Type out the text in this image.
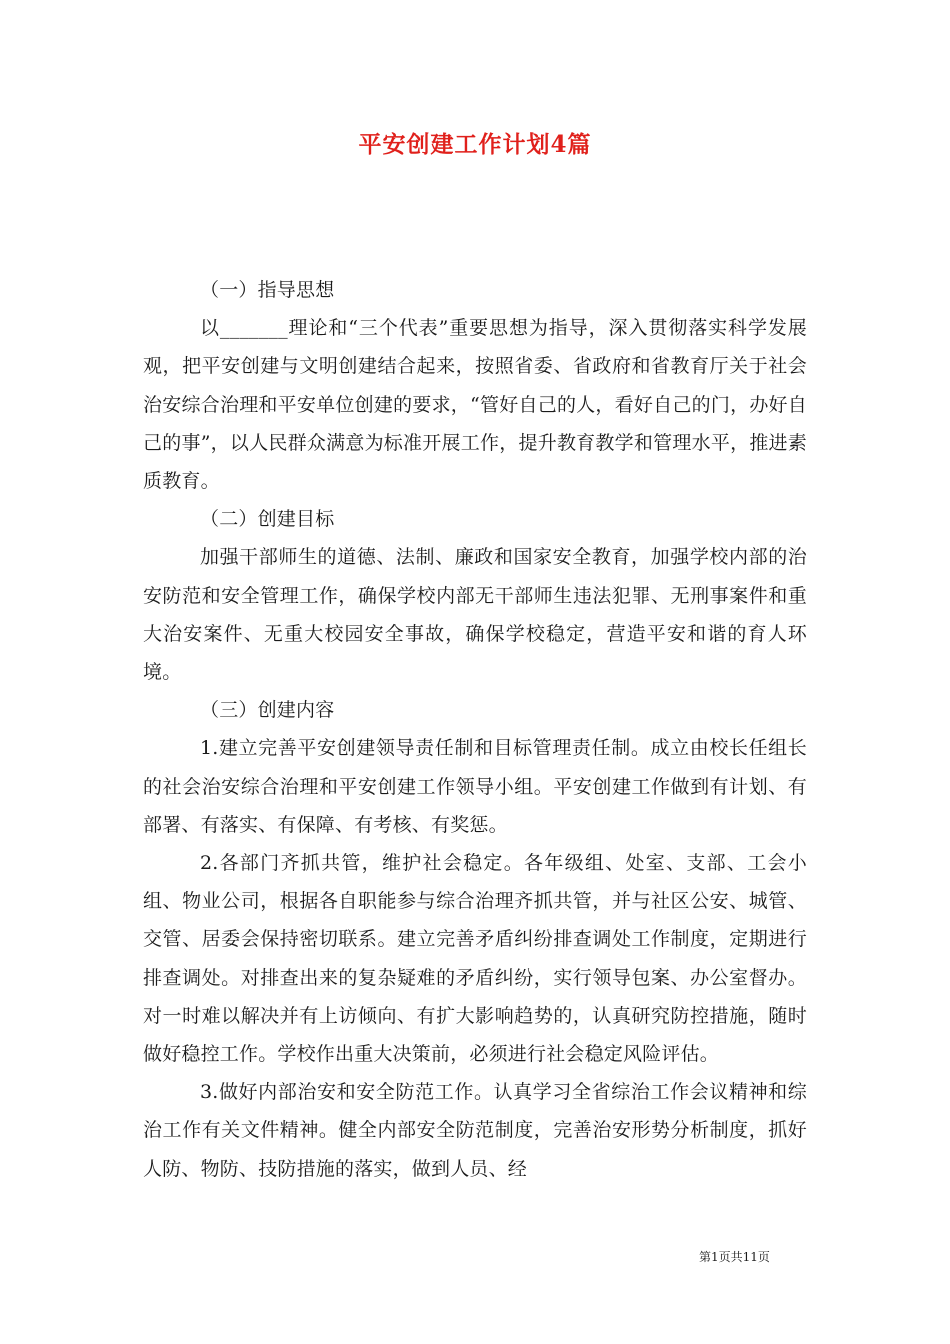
平安创建工作计划4篇

（一）指导思想

以_______理论和“三个代表”重要思想为指导，深入贯彻落实科学发展观，把平安创建与文明创建结合起来，按照省委、省政府和省教育厅关于社会治安综合治理和平安单位创建的要求，“管好自己的人，看好自己的门，办好自己的事”，以人民群众满意为标准开展工作，提升教育教学和管理水平，推进素质教育。

（二）创建目标

加强干部师生的道德、法制、廉政和国家安全教育，加强学校内部的治安防范和安全管理工作，确保学校内部无干部师生违法犯罪、无刑事案件和重大治安案件、无重大校园安全事故，确保学校稳定，营造平安和谐的育人环境。

（三）创建内容

1.建立完善平安创建领导责任制和目标管理责任制。成立由校长任组长的社会治安综合治理和平安创建工作领导小组。平安创建工作做到有计划、有部署、有落实、有保障、有考核、有奖惩。

2.各部门齐抓共管，维护社会稳定。各年级组、处室、支部、工会小组、物业公司，根据各自职能参与综合治理齐抓共管，并与社区公安、城管、交管、居委会保持密切联系。建立完善矛盾纠纷排查调处工作制度，定期进行排查调处。对排查出来的复杂疑难的矛盾纠纷，实行领导包案、办公室督办。对一时难以解决并有上访倾向、有扩大影响趋势的，认真研究防控措施，随时做好稳控工作。学校作出重大决策前，必须进行社会稳定风险评估。

3.做好内部治安和安全防范工作。认真学习全省综治工作会议精神和综治工作有关文件精神。健全内部安全防范制度，完善治安形势分析制度，抓好人防、物防、技防措施的落实，做到人员、经

第1页共11页
